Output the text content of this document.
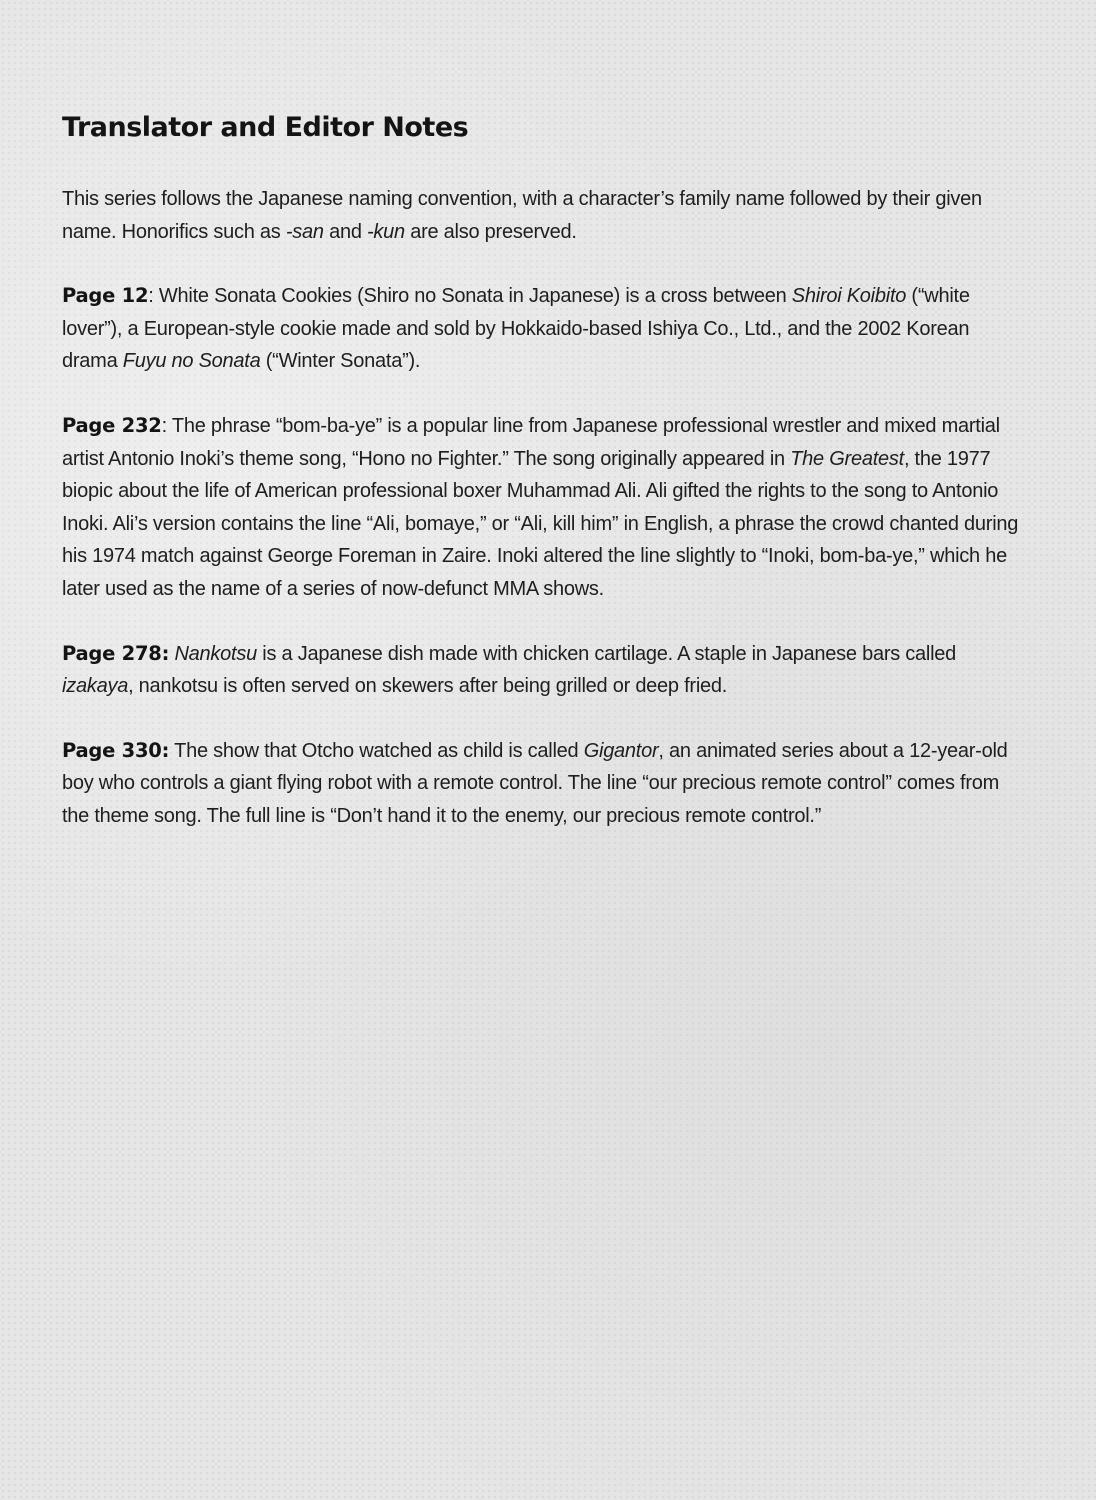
Translator and Editor Notes

This series follows the Japanese naming convention, with a character’s family name followed by their given name. Honorifics such as -san and -kun are also preserved.

Page 12: White Sonata Cookies (Shiro no Sonata in Japanese) is a cross between Shiroi Koibito (“white lover”), a European-style cookie made and sold by Hokkaido-based Ishiya Co., Ltd., and the 2002 Korean drama Fuyu no Sonata (“Winter Sonata”).

Page 232: The phrase “bom-ba-ye” is a popular line from Japanese professional wrestler and mixed martial artist Antonio Inoki’s theme song, “Hono no Fighter.” The song originally appeared in The Greatest, the 1977 biopic about the life of American professional boxer Muhammad Ali. Ali gifted the rights to the song to Antonio Inoki. Ali’s version contains the line “Ali, bomaye,” or “Ali, kill him” in English, a phrase the crowd chanted during his 1974 match against George Foreman in Zaire. Inoki altered the line slightly to “Inoki, bom-ba-ye,” which he later used as the name of a series of now-defunct MMA shows.

Page 278: Nankotsu is a Japanese dish made with chicken cartilage. A staple in Japanese bars called izakaya, nankotsu is often served on skewers after being grilled or deep fried.

Page 330: The show that Otcho watched as child is called Gigantor, an animated series about a 12-year-old boy who controls a giant flying robot with a remote control. The line “our precious remote control” comes from the theme song. The full line is “Don’t hand it to the enemy, our precious remote control.”
